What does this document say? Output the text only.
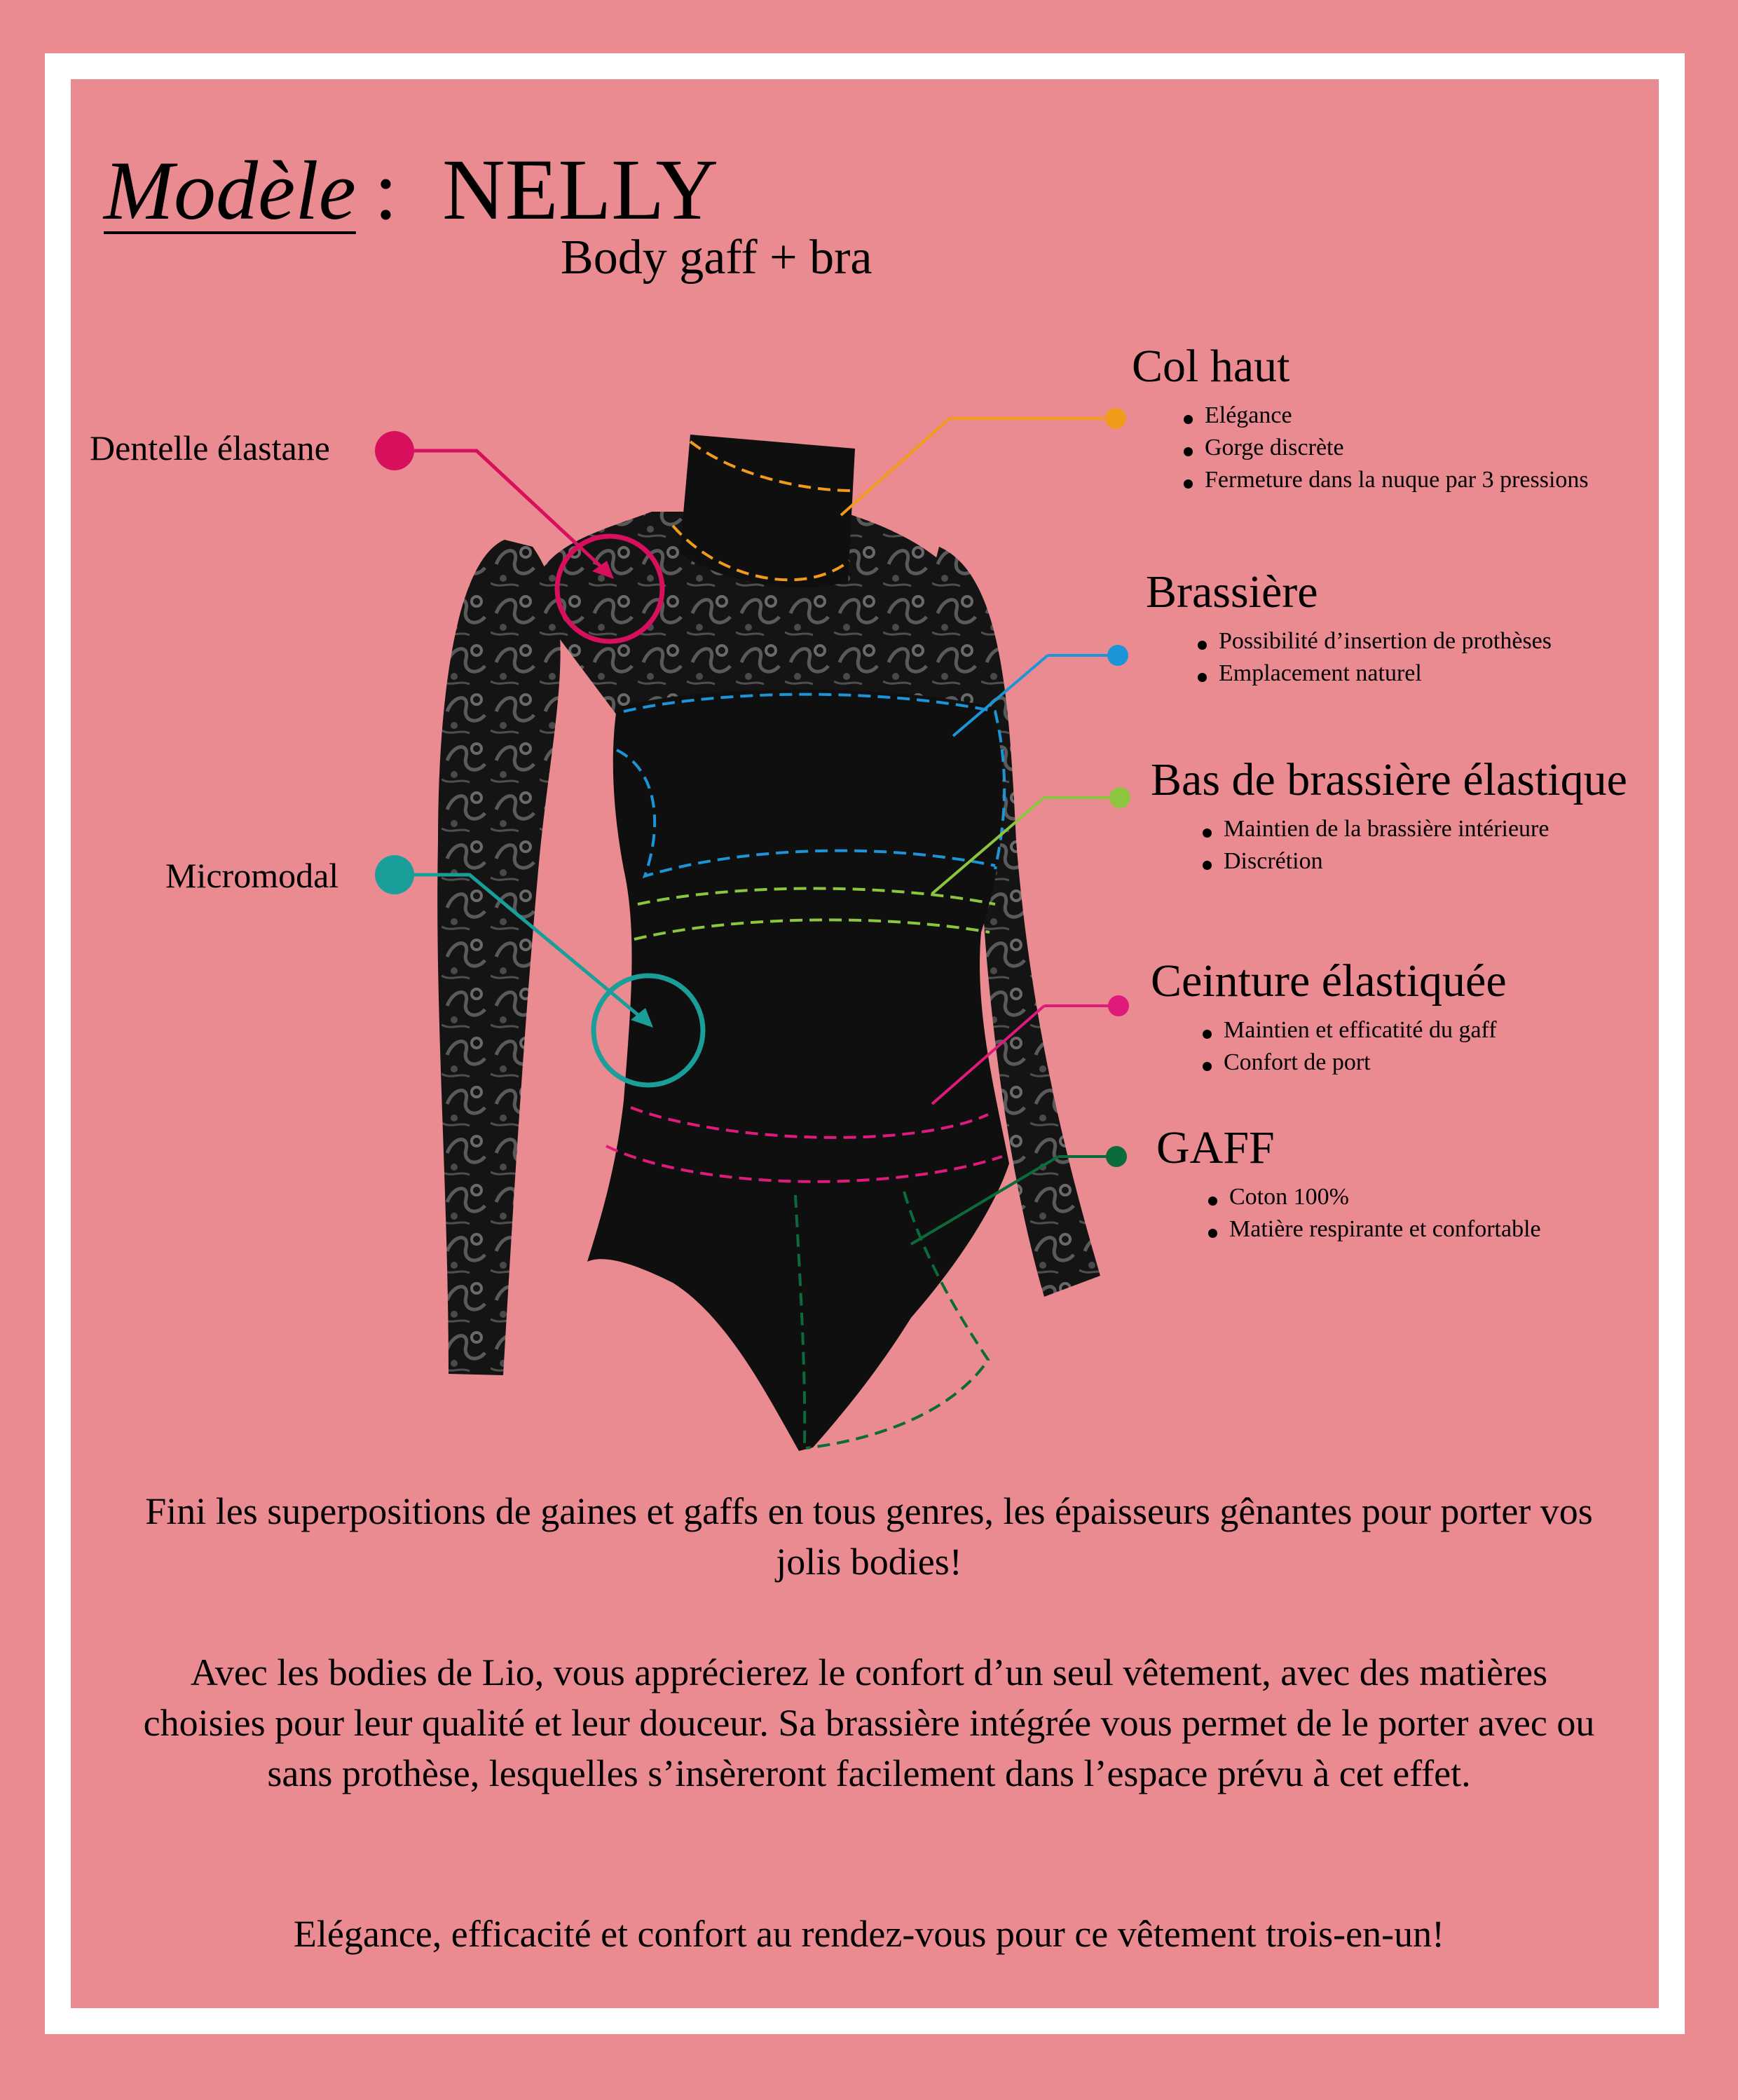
Modèle : NELLY
Body gaff + bra
Dentelle élastane
Micromodal
Col haut
Elégance
Gorge discrète
Fermeture dans la nuque par 3 pressions
Brassière
Possibilité d’insertion de prothèses
Emplacement naturel
Bas de brassière élastique
Maintien de la brassière intérieure
Discrétion
Ceinture élastiquée
Maintien et efficatité du gaff
Confort de port
GAFF
Coton 100%
Matière respirante et confortable

Fini les superpositions de gaines et gaffs en tous genres, les épaisseurs gênantes pour porter vos jolis bodies!

Avec les bodies de Lio, vous apprécierez le confort d’un seul vêtement, avec des matières choisies pour leur qualité et leur douceur. Sa brassière intégrée vous permet de le porter avec ou sans prothèse, lesquelles s’insèreront facilement dans l’espace prévu à cet effet.

Elégance, efficacité et confort au rendez-vous pour ce vêtement trois-en-un!
